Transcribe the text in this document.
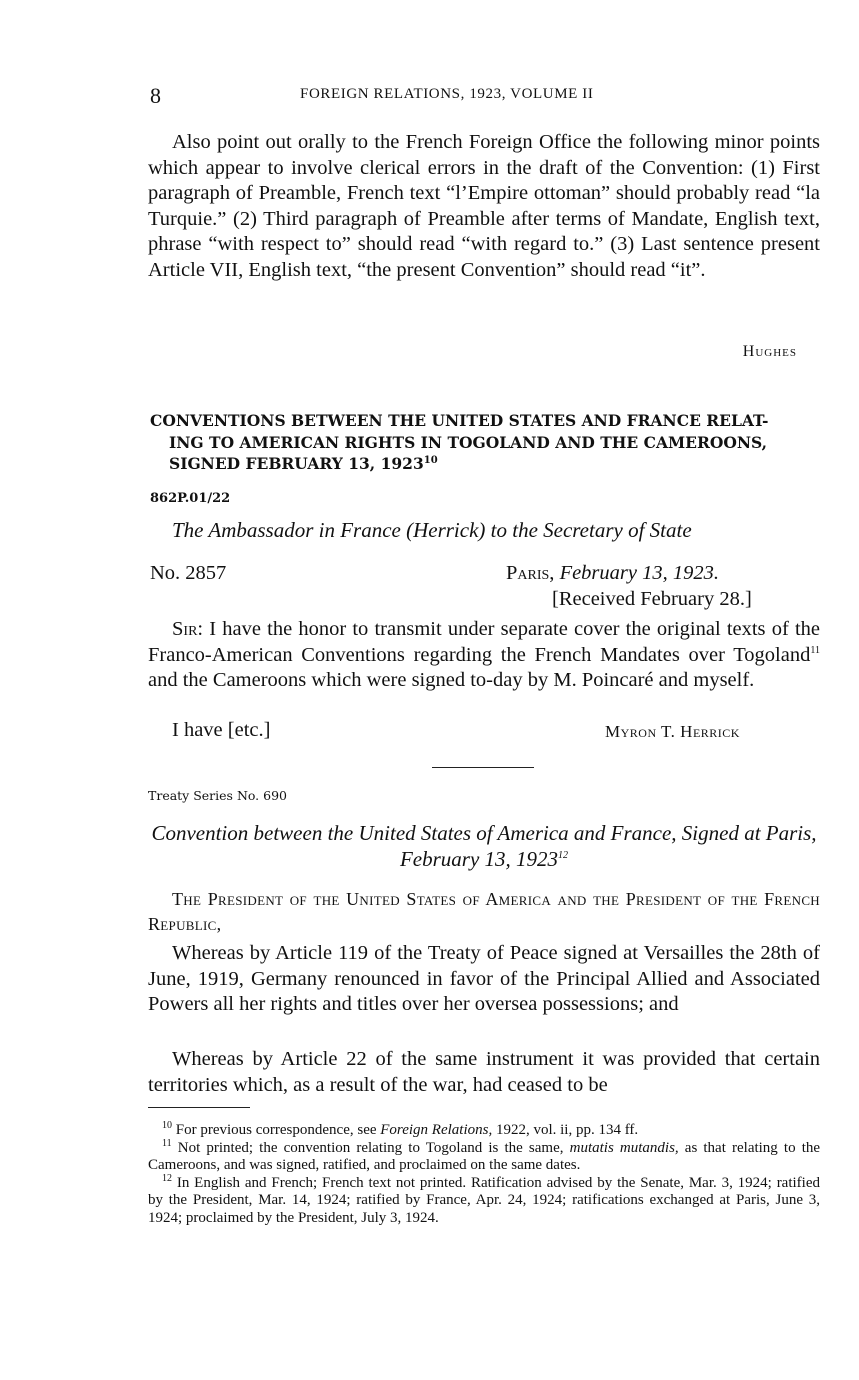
8	FOREIGN RELATIONS, 1923, VOLUME II

Also point out orally to the French Foreign Office the following minor points which appear to involve clerical errors in the draft of the Convention: (1) First paragraph of Preamble, French text “l’Empire ottoman” should probably read “la Turquie.” (2) Third paragraph of Preamble after terms of Mandate, English text, phrase “with respect to” should read “with regard to.” (3) Last sentence present Article VII, English text, “the present Convention” should read “it”.

Hughes
CONVENTIONS BETWEEN THE UNITED STATES AND FRANCE RELAT-
ING TO AMERICAN RIGHTS IN TOGOLAND AND THE CAMEROONS,
SIGNED FEBRUARY 13, 1923$^{10}$
862P.01/22
The Ambassador in France (Herrick) to the Secretary of State
No. 2857	Paris, February 13, 1923.
[Received February 28.]

Sir: I have the honor to transmit under separate cover the original texts of the Franco-American Conventions regarding the French Mandates over Togoland$^{11}$ and the Cameroons which were signed to-day by M. Poincaré and myself.

I have [etc.]	Myron T. Herrick
Treaty Series No. 690

Convention between the United States of America and France, Signed at Paris, February 13, 1923$^{12}$

The President of the United States of America and the President of the French Republic,

Whereas by Article 119 of the Treaty of Peace signed at Versailles the 28th of June, 1919, Germany renounced in favor of the Principal Allied and Associated Powers all her rights and titles over her oversea possessions; and

Whereas by Article 22 of the same instrument it was provided that certain territories which, as a result of the war, had ceased to be

$^{10}$ For previous correspondence, see Foreign Relations, 1922, vol. ii, pp. 134 ff.

$^{11}$ Not printed; the convention relating to Togoland is the same, mutatis mutandis, as that relating to the Cameroons, and was signed, ratified, and proclaimed on the same dates.

$^{12}$ In English and French; French text not printed. Ratification advised by the Senate, Mar. 3, 1924; ratified by the President, Mar. 14, 1924; ratified by France, Apr. 24, 1924; ratifications exchanged at Paris, June 3, 1924; proclaimed by the President, July 3, 1924.
